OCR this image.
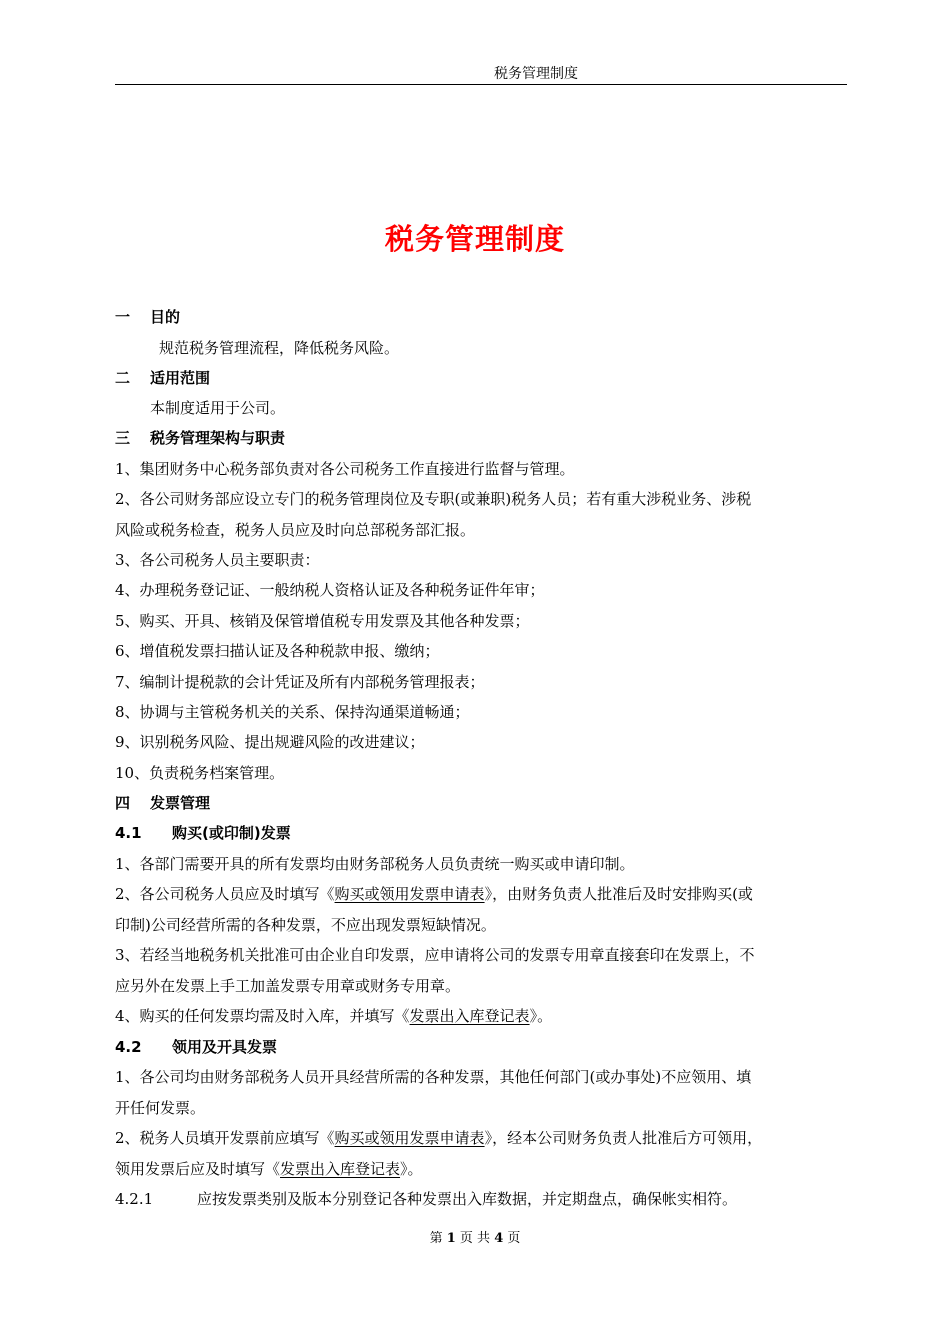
税务管理制度
税务管理制度
一 目的
规范税务管理流程，降低税务风险。
二 适用范围
本制度适用于公司。
三 税务管理架构与职责
1、集团财务中心税务部负责对各公司税务工作直接进行监督与管理。
2、各公司财务部应设立专门的税务管理岗位及专职(或兼职)税务人员；若有重大涉税业务、涉税
风险或税务检查，税务人员应及时向总部税务部汇报。
3、各公司税务人员主要职责：
4、办理税务登记证、一般纳税人资格认证及各种税务证件年审；
5、购买、开具、核销及保管增值税专用发票及其他各种发票；
6、增值税发票扫描认证及各种税款申报、缴纳；
7、编制计提税款的会计凭证及所有内部税务管理报表；
8、协调与主管税务机关的关系、保持沟通渠道畅通；
9、识别税务风险、提出规避风险的改进建议；
10、负责税务档案管理。
四 发票管理
4.1 购买(或印制)发票
1、各部门需要开具的所有发票均由财务部税务人员负责统一购买或申请印制。
2、各公司税务人员应及时填写《购买或领用发票申请表》，由财务负责人批准后及时安排购买(或
印制)公司经营所需的各种发票，不应出现发票短缺情况。
3、若经当地税务机关批准可由企业自印发票，应申请将公司的发票专用章直接套印在发票上，不
应另外在发票上手工加盖发票专用章或财务专用章。
4、购买的任何发票均需及时入库，并填写《发票出入库登记表》。
4.2 领用及开具发票
1、各公司均由财务部税务人员开具经营所需的各种发票，其他任何部门(或办事处)不应领用、填
开任何发票。
2、税务人员填开发票前应填写《购买或领用发票申请表》，经本公司财务负责人批准后方可领用，
领用发票后应及时填写《发票出入库登记表》。
4.2.1	应按发票类别及版本分别登记各种发票出入库数据，并定期盘点，确保帐实相符。
第 1 页 共 4 页
